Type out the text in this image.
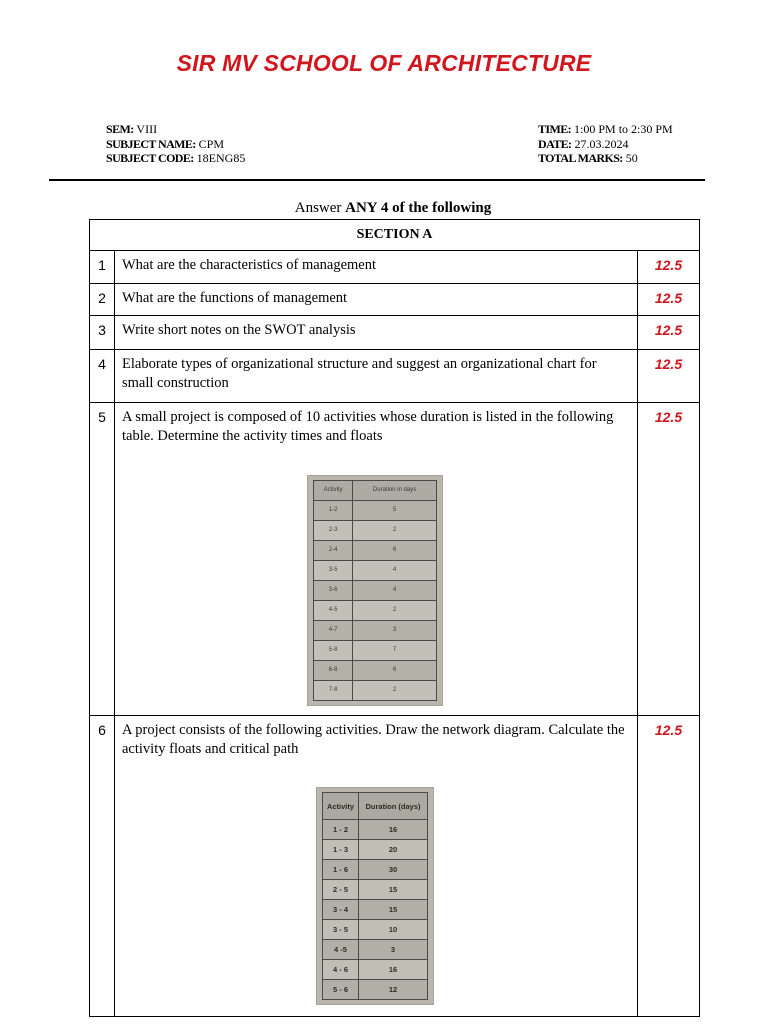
SIR MV SCHOOL OF ARCHITECTURE
SEM: VIII
SUBJECT NAME: CPM
SUBJECT CODE: 18ENG85
TIME: 1:00 PM to 2:30 PM
DATE: 27.03.2024
TOTAL MARKS: 50
Answer ANY 4 of the following
SECTION A
1	What are the characteristics of management	12.5
2	What are the functions of management	12.5
3	Write short notes on the SWOT analysis	12.5
4	Elaborate types of organizational structure and suggest an organizational chart for small construction	12.5
5	A small project is composed of 10 activities whose duration is listed in the following table. Determine the activity times and floats
Activity	Duration in days
1-2	5
2-3	2
2-4	6
3-5	4
3-6	4
4-5	2
4-7	3
5-8	7
6-8	6
7-8	2
	12.5
6	A project consists of the following activities. Draw the network diagram. Calculate the activity floats and critical path
Activity	Duration (days)
1 - 2	16
1 - 3	20
1 - 6	30
2 - 5	15
3 - 4	15
3 - 5	10
4 -5	3
4 - 6	16
5 - 6	12
	12.5
